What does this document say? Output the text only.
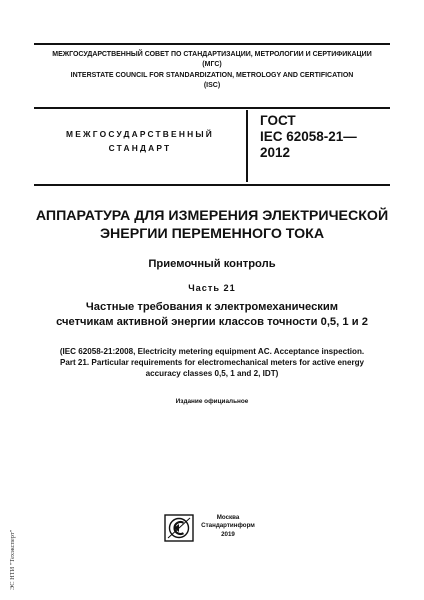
МЕЖГОСУДАРСТВЕННЫЙ СОВЕТ ПО СТАНДАРТИЗАЦИИ, МЕТРОЛОГИИ И СЕРТИФИКАЦИИ
(МГС)
INTERSTATE COUNCIL FOR STANDARDIZATION, METROLOGY AND CERTIFICATION
(ISC)
МЕЖГОСУДАРСТВЕННЫЙ
СТАНДАРТ
ГОСТ
IEC 62058-21—
2012
АППАРАТУРА ДЛЯ ИЗМЕРЕНИЯ ЭЛЕКТРИЧЕСКОЙ
ЭНЕРГИИ ПЕРЕМЕННОГО ТОКА
Приемочный контроль
Часть 21
Частные требования к электромеханическим
счетчикам активной энергии классов точности 0,5, 1 и 2
(IEC 62058-21:2008, Electricity metering equipment AC. Acceptance inspection.
Part 21. Particular requirements for electromechanical meters for active energy
accuracy classes 0,5, 1 and 2, IDT)
Издание официальное
Москва
Стандартинформ
2019
ЭС НТИ "Техэксперт"
